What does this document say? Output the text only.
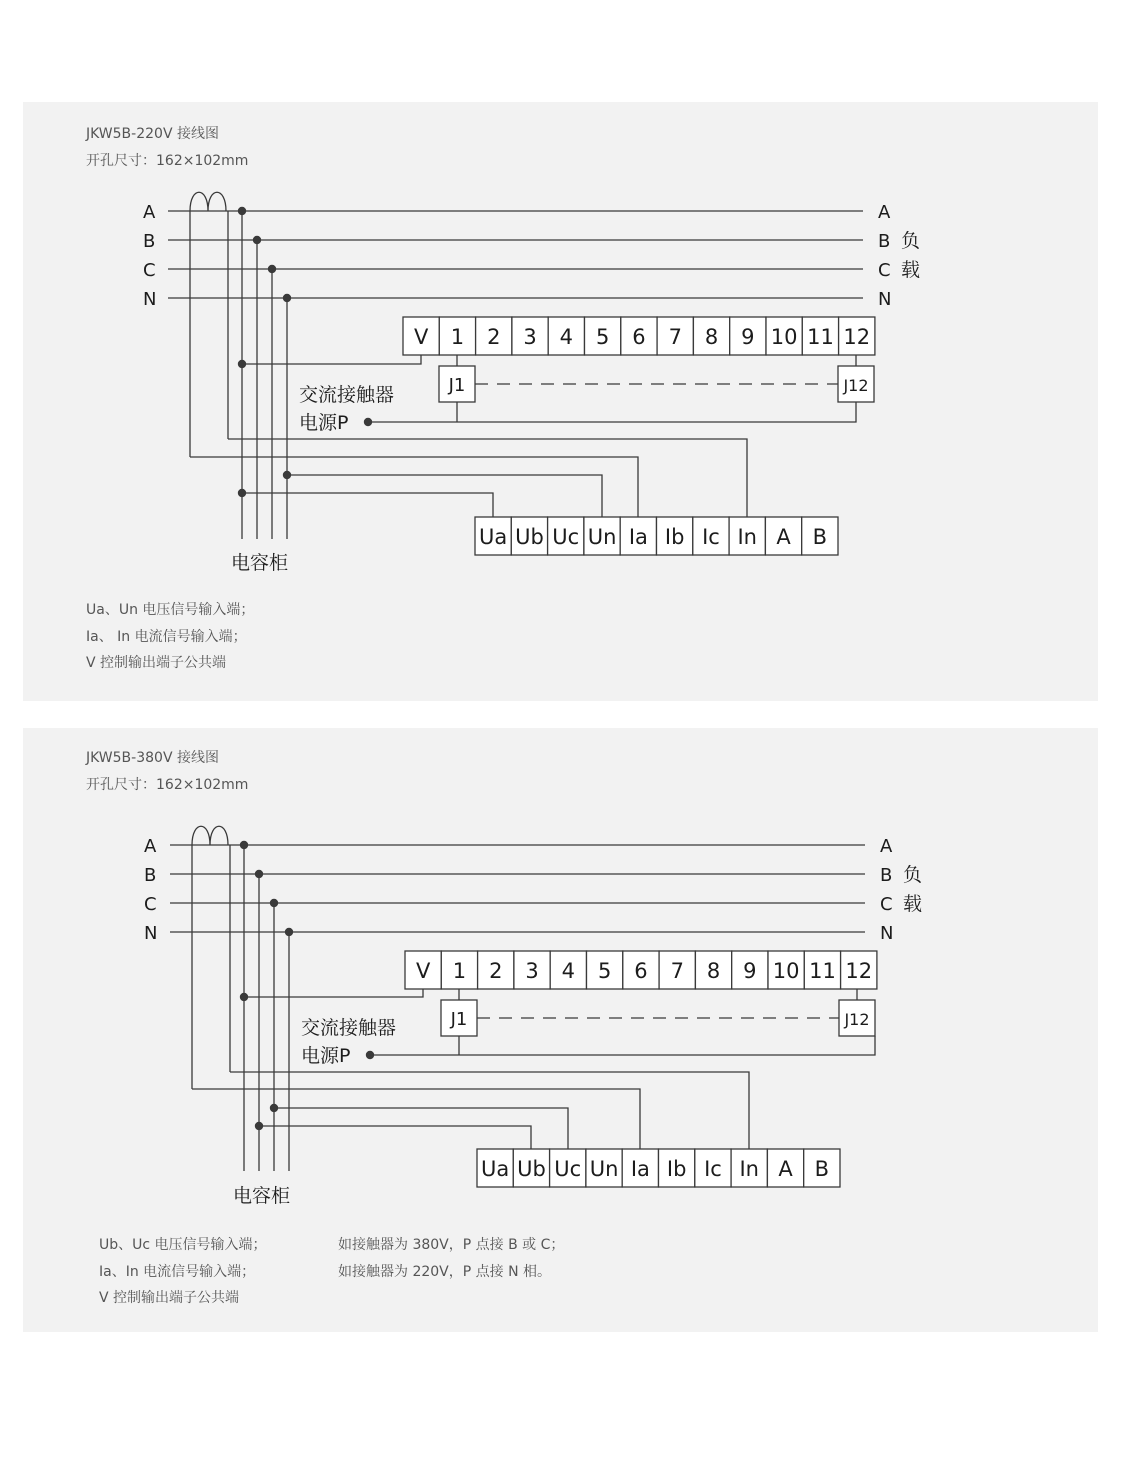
JKW5B-220V 接线图
开孔尺寸：162×102mm
A
B
C
N
A
B
C
N
负
载
V 1 2 3 4 5 6 7 8 9 10 11 12
J1	J12
交流接触器
电源P
Ua Ub Uc Un Ia Ib Ic In A B
电容柜
Ua、Un 电压信号输入端；
Ia、 In 电流信号输入端；
V 控制输出端子公共端
JKW5B-380V 接线图
开孔尺寸：162×102mm
A
B
C
N
A
B
C
N
负
载
V 1 2 3 4 5 6 7 8 9 10 11 12
J1	J12
交流接触器
电源P
Ua Ub Uc Un Ia Ib Ic In A B
电容柜
Ub、Uc 电压信号输入端；
Ia、In 电流信号输入端；
V 控制输出端子公共端
如接触器为 380V，P 点接 B 或 C；
如接触器为 220V，P 点接 N 相。
